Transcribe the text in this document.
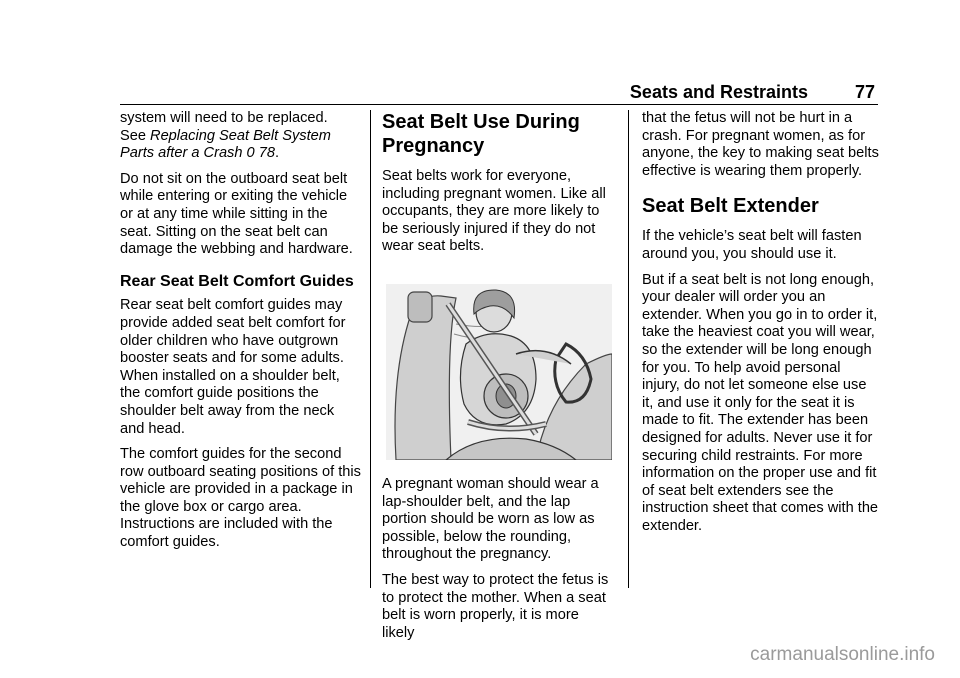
Seats and Restraints	77

system will need to be replaced.
See Replacing Seat Belt System Parts after a Crash 0 78.

Do not sit on the outboard seat belt while entering or exiting the vehicle or at any time while sitting in the seat. Sitting on the seat belt can damage the webbing and hardware.

Rear Seat Belt Comfort Guides

Rear seat belt comfort guides may provide added seat belt comfort for older children who have outgrown booster seats and for some adults. When installed on a shoulder belt, the comfort guide positions the shoulder belt away from the neck and head.

The comfort guides for the second row outboard seating positions of this vehicle are provided in a package in the glove box or cargo area. Instructions are included with the comfort guides.

Seat Belt Use During Pregnancy

Seat belts work for everyone, including pregnant women. Like all occupants, they are more likely to be seriously injured if they do not wear seat belts.

A pregnant woman should wear a lap-shoulder belt, and the lap portion should be worn as low as possible, below the rounding, throughout the pregnancy.

The best way to protect the fetus is to protect the mother. When a seat belt is worn properly, it is more likely

that the fetus will not be hurt in a crash. For pregnant women, as for anyone, the key to making seat belts effective is wearing them properly.

Seat Belt Extender

If the vehicle’s seat belt will fasten around you, you should use it.

But if a seat belt is not long enough, your dealer will order you an extender. When you go in to order it, take the heaviest coat you will wear, so the extender will be long enough for you. To help avoid personal injury, do not let someone else use it, and use it only for the seat it is made to fit. The extender has been designed for adults. Never use it for securing child restraints. For more information on the proper use and fit of seat belt extenders see the instruction sheet that comes with the extender.

carmanualsonline.info
